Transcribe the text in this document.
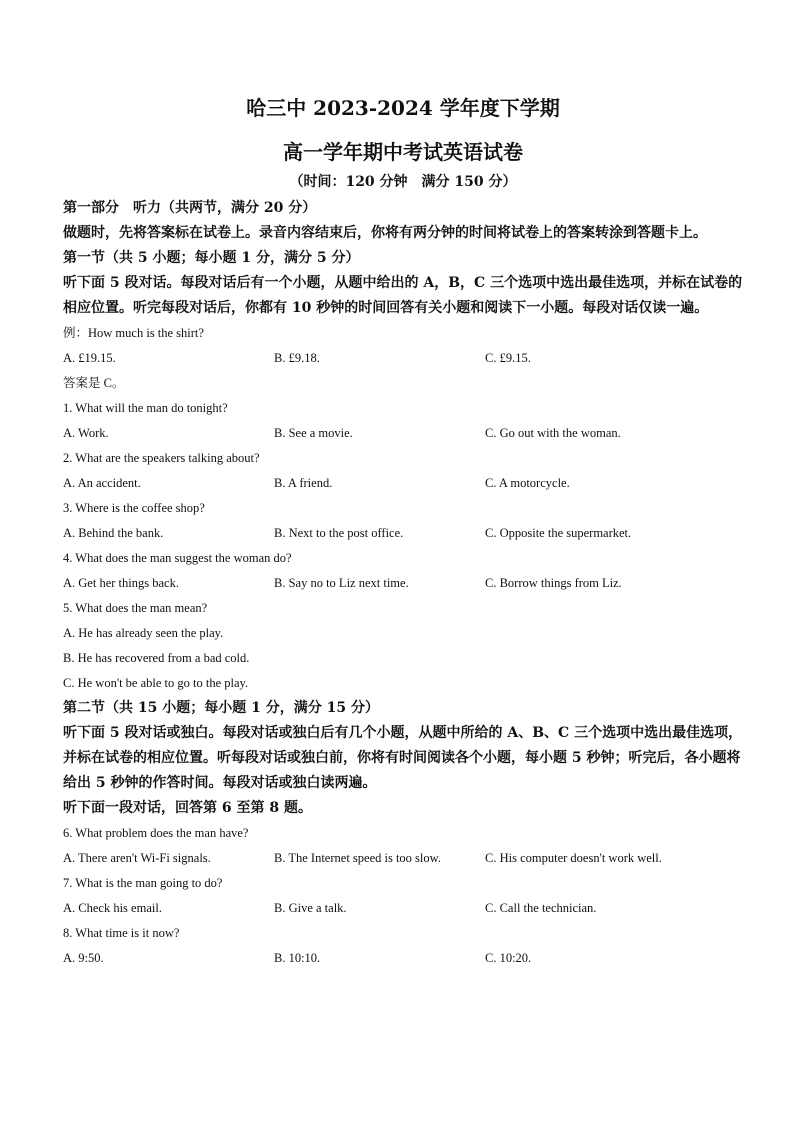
哈三中 2023-2024 学年度下学期
高一学年期中考试英语试卷
（时间：120 分钟　满分 150 分）
第一部分　听力（共两节，满分 20 分）
做题时，先将答案标在试卷上。录音内容结束后，你将有两分钟的时间将试卷上的答案转涂到答题卡上。
第一节（共 5 小题；每小题 1 分，满分 5 分）
听下面 5 段对话。每段对话后有一个小题，从题中给出的 A，B，C 三个选项中选出最佳选项，并标在试卷的相应位置。听完每段对话后，你都有 10 秒钟的时间回答有关小题和阅读下一小题。每段对话仅读一遍。
例：How much is the shirt?
A. £19.15.	B. £9.18.	C. £9.15.
答案是 C。
1. What will the man do tonight?
A. Work.	B. See a movie.	C. Go out with the woman.
2. What are the speakers talking about?
A. An accident.	B. A friend.	C. A motorcycle.
3. Where is the coffee shop?
A. Behind the bank.	B. Next to the post office.	C. Opposite the supermarket.
4. What does the man suggest the woman do?
A. Get her things back.	B. Say no to Liz next time.	C. Borrow things from Liz.
5. What does the man mean?
A. He has already seen the play.
B. He has recovered from a bad cold.
C. He won't be able to go to the play.
第二节（共 15 小题；每小题 1 分，满分 15 分）
听下面 5 段对话或独白。每段对话或独白后有几个小题，从题中所给的 A、B、C 三个选项中选出最佳选项，并标在试卷的相应位置。听每段对话或独白前，你将有时间阅读各个小题，每小题 5 秒钟；听完后，各小题将给出 5 秒钟的作答时间。每段对话或独白读两遍。
听下面一段对话，回答第 6 至第 8 题。
6. What problem does the man have?
A. There aren't Wi-Fi signals.	B. The Internet speed is too slow.	C. His computer doesn't work well.
7. What is the man going to do?
A. Check his email.	B. Give a talk.	C. Call the technician.
8. What time is it now?
A. 9:50.	B. 10:10.	C. 10:20.
